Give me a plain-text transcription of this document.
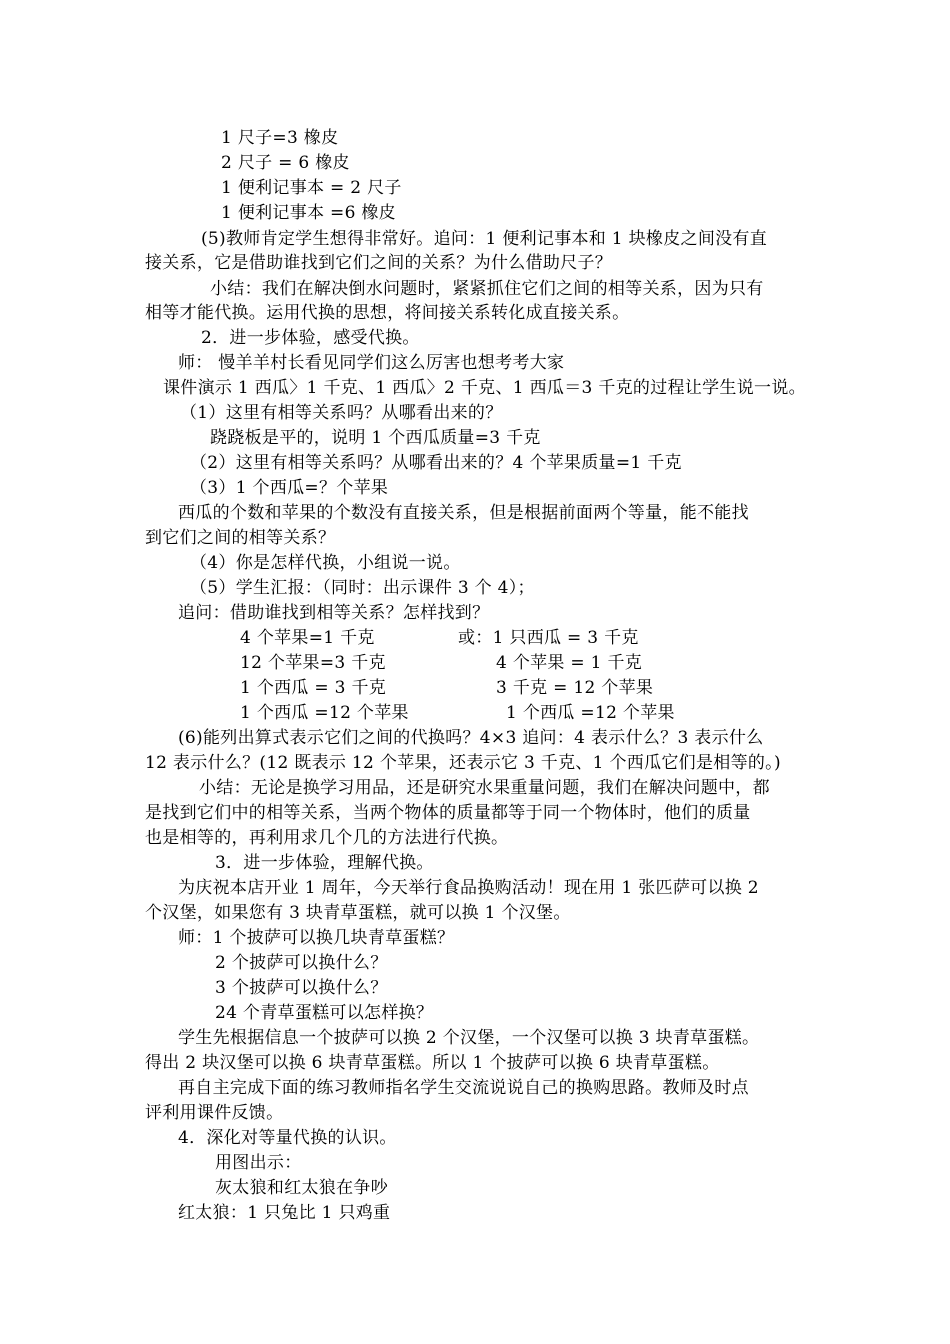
1 尺子=3 橡皮
2 尺子 = 6 橡皮
1 便利记事本 = 2 尺子
1 便利记事本 =6 橡皮
(5)教师肯定学生想得非常好。追问：1 便利记事本和 1 块橡皮之间没有直
接关系，它是借助谁找到它们之间的关系？为什么借助尺子？
小结：我们在解决倒水问题时，紧紧抓住它们之间的相等关系，因为只有
相等才能代换。运用代换的思想，将间接关系转化成直接关系。
2．进一步体验，感受代换。
师： 慢羊羊村长看见同学们这么厉害也想考考大家
课件演示 1 西瓜〉1 千克、1 西瓜〉2 千克、1 西瓜＝3 千克的过程让学生说一说。
（1）这里有相等关系吗？从哪看出来的？
跷跷板是平的，说明 1 个西瓜质量=3 千克
（2）这里有相等关系吗？从哪看出来的？4 个苹果质量=1 千克
（3）1 个西瓜=？个苹果
西瓜的个数和苹果的个数没有直接关系，但是根据前面两个等量，能不能找
到它们之间的相等关系？
（4）你是怎样代换，小组说一说。
（5）学生汇报：（同时：出示课件 3 个 4）；
追问：借助谁找到相等关系？怎样找到？
4 个苹果=1 千克	或：1 只西瓜 = 3 千克
12 个苹果=3 千克	4 个苹果 = 1 千克
1 个西瓜 = 3 千克	3 千克 = 12 个苹果
1 个西瓜 =12 个苹果	1 个西瓜 =12 个苹果
(6)能列出算式表示它们之间的代换吗？4×3 追问：4 表示什么？3 表示什么
12 表示什么？(12 既表示 12 个苹果，还表示它 3 千克、1 个西瓜它们是相等的。)
小结：无论是换学习用品，还是研究水果重量问题，我们在解决问题中，都
是找到它们中的相等关系，当两个物体的质量都等于同一个物体时，他们的质量
也是相等的，再利用求几个几的方法进行代换。
3．进一步体验，理解代换。
为庆祝本店开业 1 周年，今天举行食品换购活动！现在用 1 张匹萨可以换 2
个汉堡，如果您有 3 块青草蛋糕，就可以换 1 个汉堡。
师：1 个披萨可以换几块青草蛋糕？
2 个披萨可以换什么？
3 个披萨可以换什么？
24 个青草蛋糕可以怎样换？
学生先根据信息一个披萨可以换 2 个汉堡，一个汉堡可以换 3 块青草蛋糕。
得出 2 块汉堡可以换 6 块青草蛋糕。所以 1 个披萨可以换 6 块青草蛋糕。
再自主完成下面的练习教师指名学生交流说说自己的换购思路。教师及时点
评利用课件反馈。
4．深化对等量代换的认识。
用图出示：
灰太狼和红太狼在争吵
红太狼：1 只兔比 1 只鸡重
